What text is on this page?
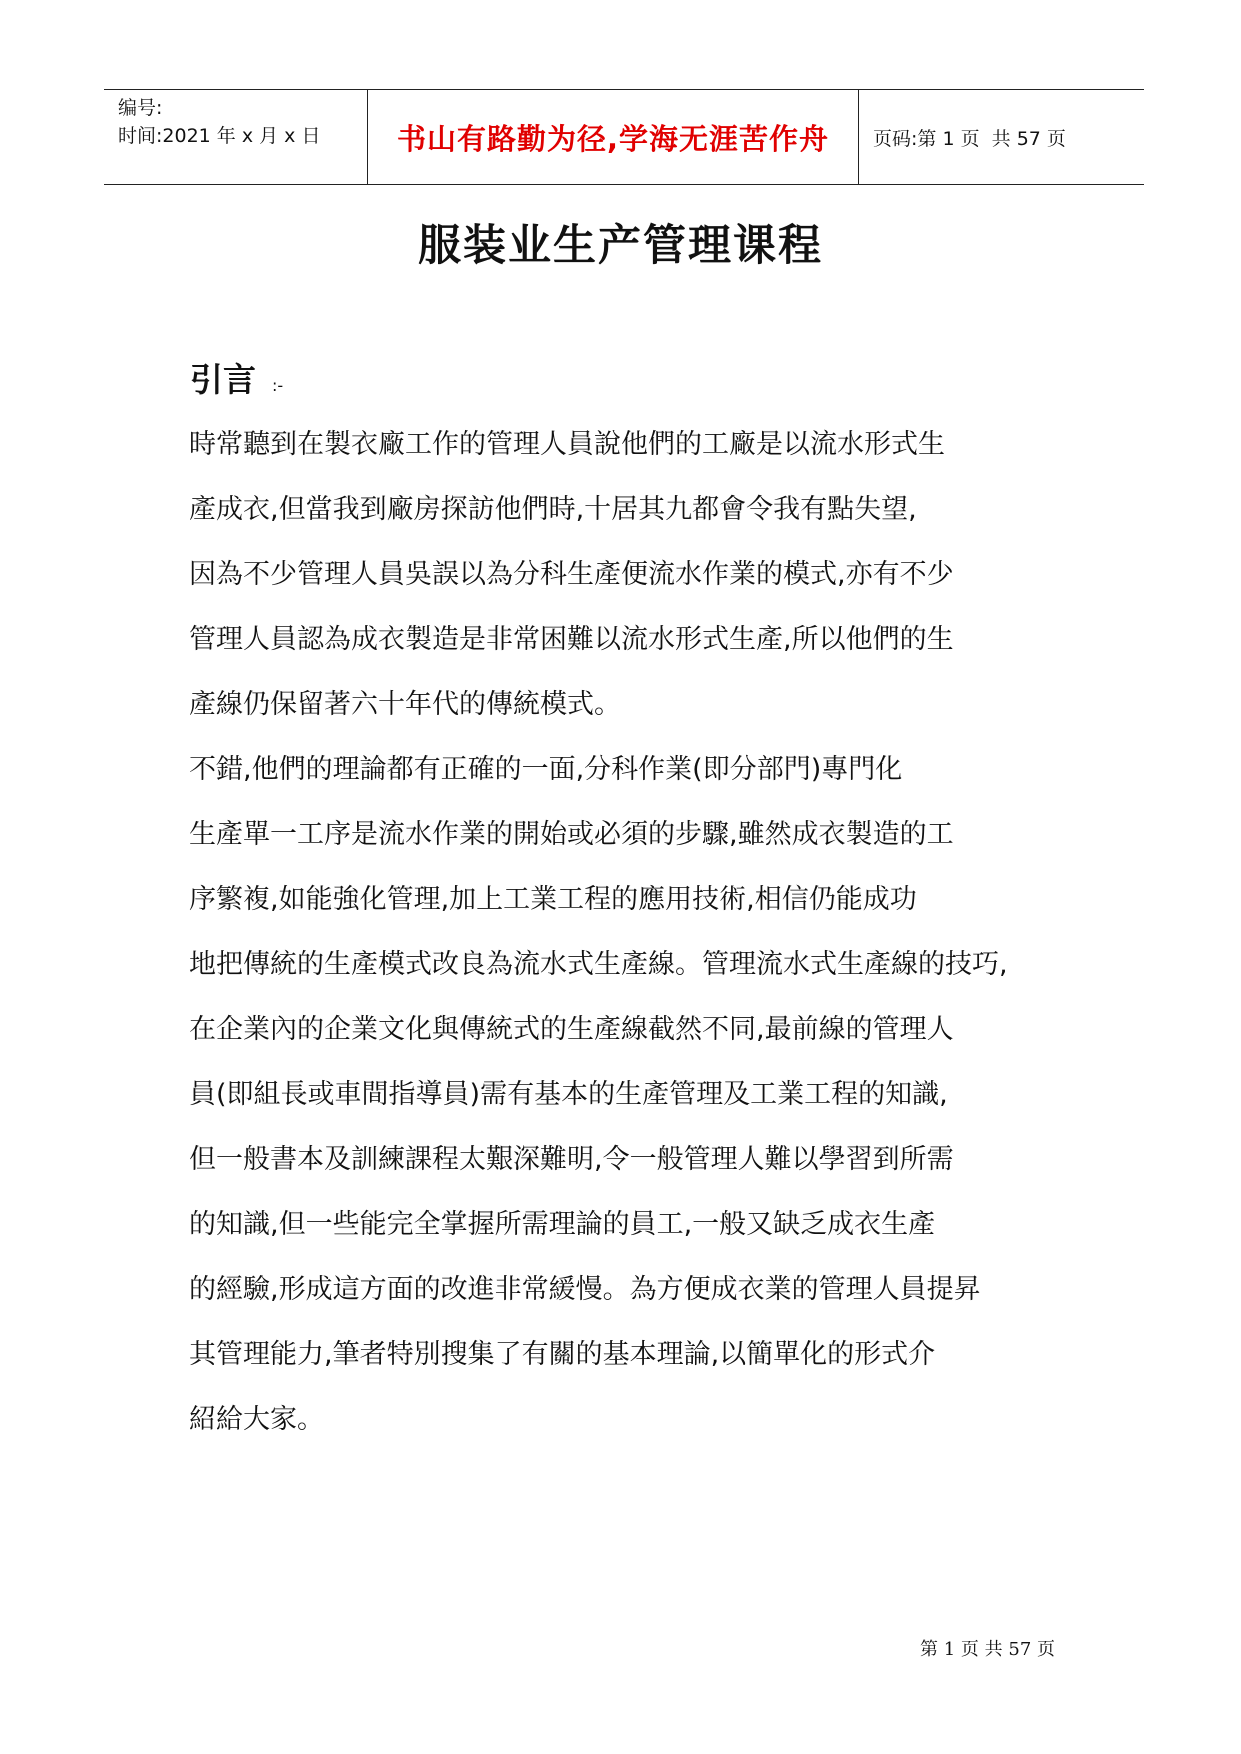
编号:
时间:2021 年 x 月 x 日	书山有路勤为径,学海无涯苦作舟 页码:第 1 页  共 57 页
服装业生产管理课程
引言 :-
時常聽到在製衣廠工作的管理人員說他們的工廠是以流水形式生
產成衣,但當我到廠房探訪他們時,十居其九都會令我有點失望,
因為不少管理人員吳誤以為分科生產便流水作業的模式,亦有不少
管理人員認為成衣製造是非常困難以流水形式生產,所以他們的生
產線仍保留著六十年代的傳統模式。
不錯,他們的理論都有正確的一面,分科作業(即分部門)專門化
生產單一工序是流水作業的開始或必須的步驟,雖然成衣製造的工
序繁複,如能強化管理,加上工業工程的應用技術,相信仍能成功
地把傳統的生產模式改良為流水式生產線。管理流水式生產線的技巧,
在企業內的企業文化與傳統式的生產線截然不同,最前線的管理人
員(即組長或車間指導員)需有基本的生產管理及工業工程的知識,
但一般書本及訓練課程太艱深難明,令一般管理人難以學習到所需
的知識,但一些能完全掌握所需理論的員工,一般又缺乏成衣生產
的經驗,形成這方面的改進非常緩慢。為方便成衣業的管理人員提昇
其管理能力,筆者特別搜集了有關的基本理論,以簡單化的形式介
紹給大家。
第 1 页 共 57 页
